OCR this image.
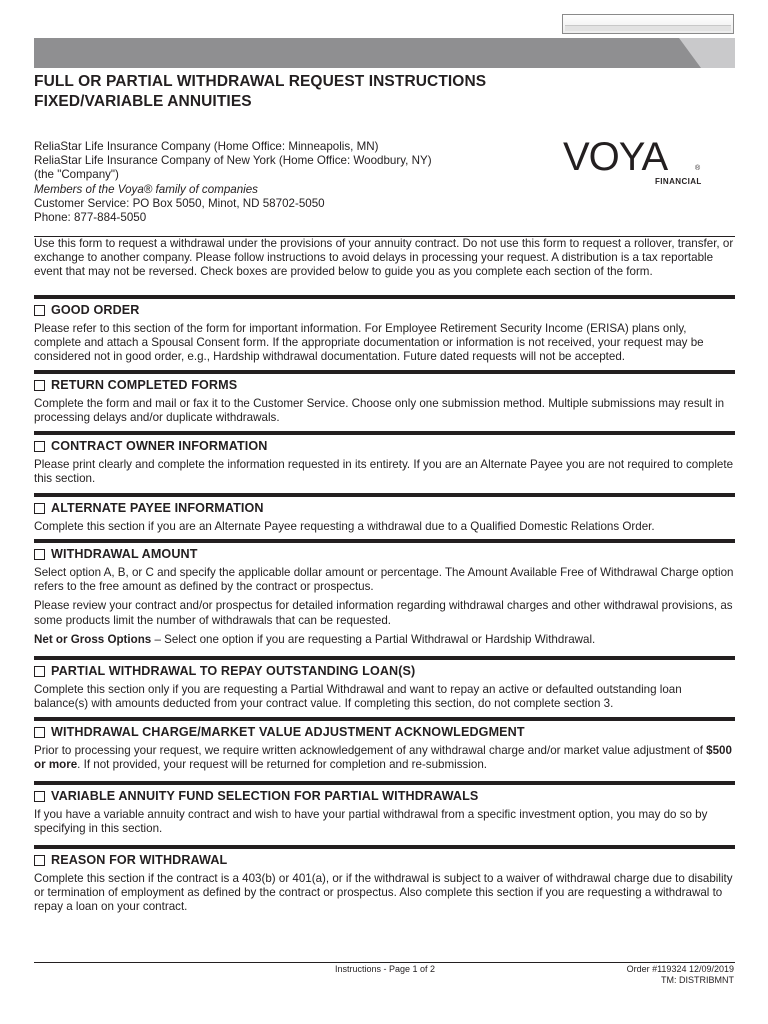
FULL OR PARTIAL WITHDRAWAL REQUEST INSTRUCTIONS
FIXED/VARIABLE ANNUITIES
ReliaStar Life Insurance Company (Home Office: Minneapolis, MN)
ReliaStar Life Insurance Company of New York (Home Office: Woodbury, NY)
(the "Company")
Members of the Voya® family of companies
Customer Service: PO Box 5050, Minot, ND 58702-5050
Phone: 877-884-5050
VOYA	®
FINANCIAL

Use this form to request a withdrawal under the provisions of your annuity contract. Do not use this form to request a rollover, transfer, or exchange to another company. Please follow instructions to avoid delays in processing your request. A distribution is a tax reportable event that may not be reversed. Check boxes are provided below to guide you as you complete each section of the form.

GOOD ORDER

Please refer to this section of the form for important information. For Employee Retirement Security Income (ERISA) plans only, complete and attach a Spousal Consent form. If the appropriate documentation or information is not received, your request may be considered not in good order, e.g., Hardship withdrawal documentation. Future dated requests will not be accepted.

RETURN COMPLETED FORMS

Complete the form and mail or fax it to the Customer Service. Choose only one submission method. Multiple submissions may result in processing delays and/or duplicate withdrawals.

CONTRACT OWNER INFORMATION

Please print clearly and complete the information requested in its entirety. If you are an Alternate Payee you are not required to complete this section.

ALTERNATE PAYEE INFORMATION

Complete this section if you are an Alternate Payee requesting a withdrawal due to a Qualified Domestic Relations Order.

WITHDRAWAL AMOUNT

Select option A, B, or C and specify the applicable dollar amount or percentage. The Amount Available Free of Withdrawal Charge option refers to the free amount as defined by the contract or prospectus.

Please review your contract and/or prospectus for detailed information regarding withdrawal charges and other withdrawal provisions, as some products limit the number of withdrawals that can be requested.

Net or Gross Options – Select one option if you are requesting a Partial Withdrawal or Hardship Withdrawal.

PARTIAL WITHDRAWAL TO REPAY OUTSTANDING LOAN(S)

Complete this section only if you are requesting a Partial Withdrawal and want to repay an active or defaulted outstanding loan balance(s) with amounts deducted from your contract value. If completing this section, do not complete section 3.

WITHDRAWAL CHARGE/MARKET VALUE ADJUSTMENT ACKNOWLEDGMENT

Prior to processing your request, we require written acknowledgement of any withdrawal charge and/or market value adjustment of $500 or more. If not provided, your request will be returned for completion and re-submission.

VARIABLE ANNUITY FUND SELECTION FOR PARTIAL WITHDRAWALS

If you have a variable annuity contract and wish to have your partial withdrawal from a specific investment option, you may do so by specifying in this section.

REASON FOR WITHDRAWAL

Complete this section if the contract is a 403(b) or 401(a), or if the withdrawal is subject to a waiver of withdrawal charge due to disability or termination of employment as defined by the contract or prospectus. Also complete this section if you are requesting a withdrawal to repay a loan on your contract.

Instructions - Page 1 of 2	Order #119324 12/09/2019
TM: DISTRIBMNT
